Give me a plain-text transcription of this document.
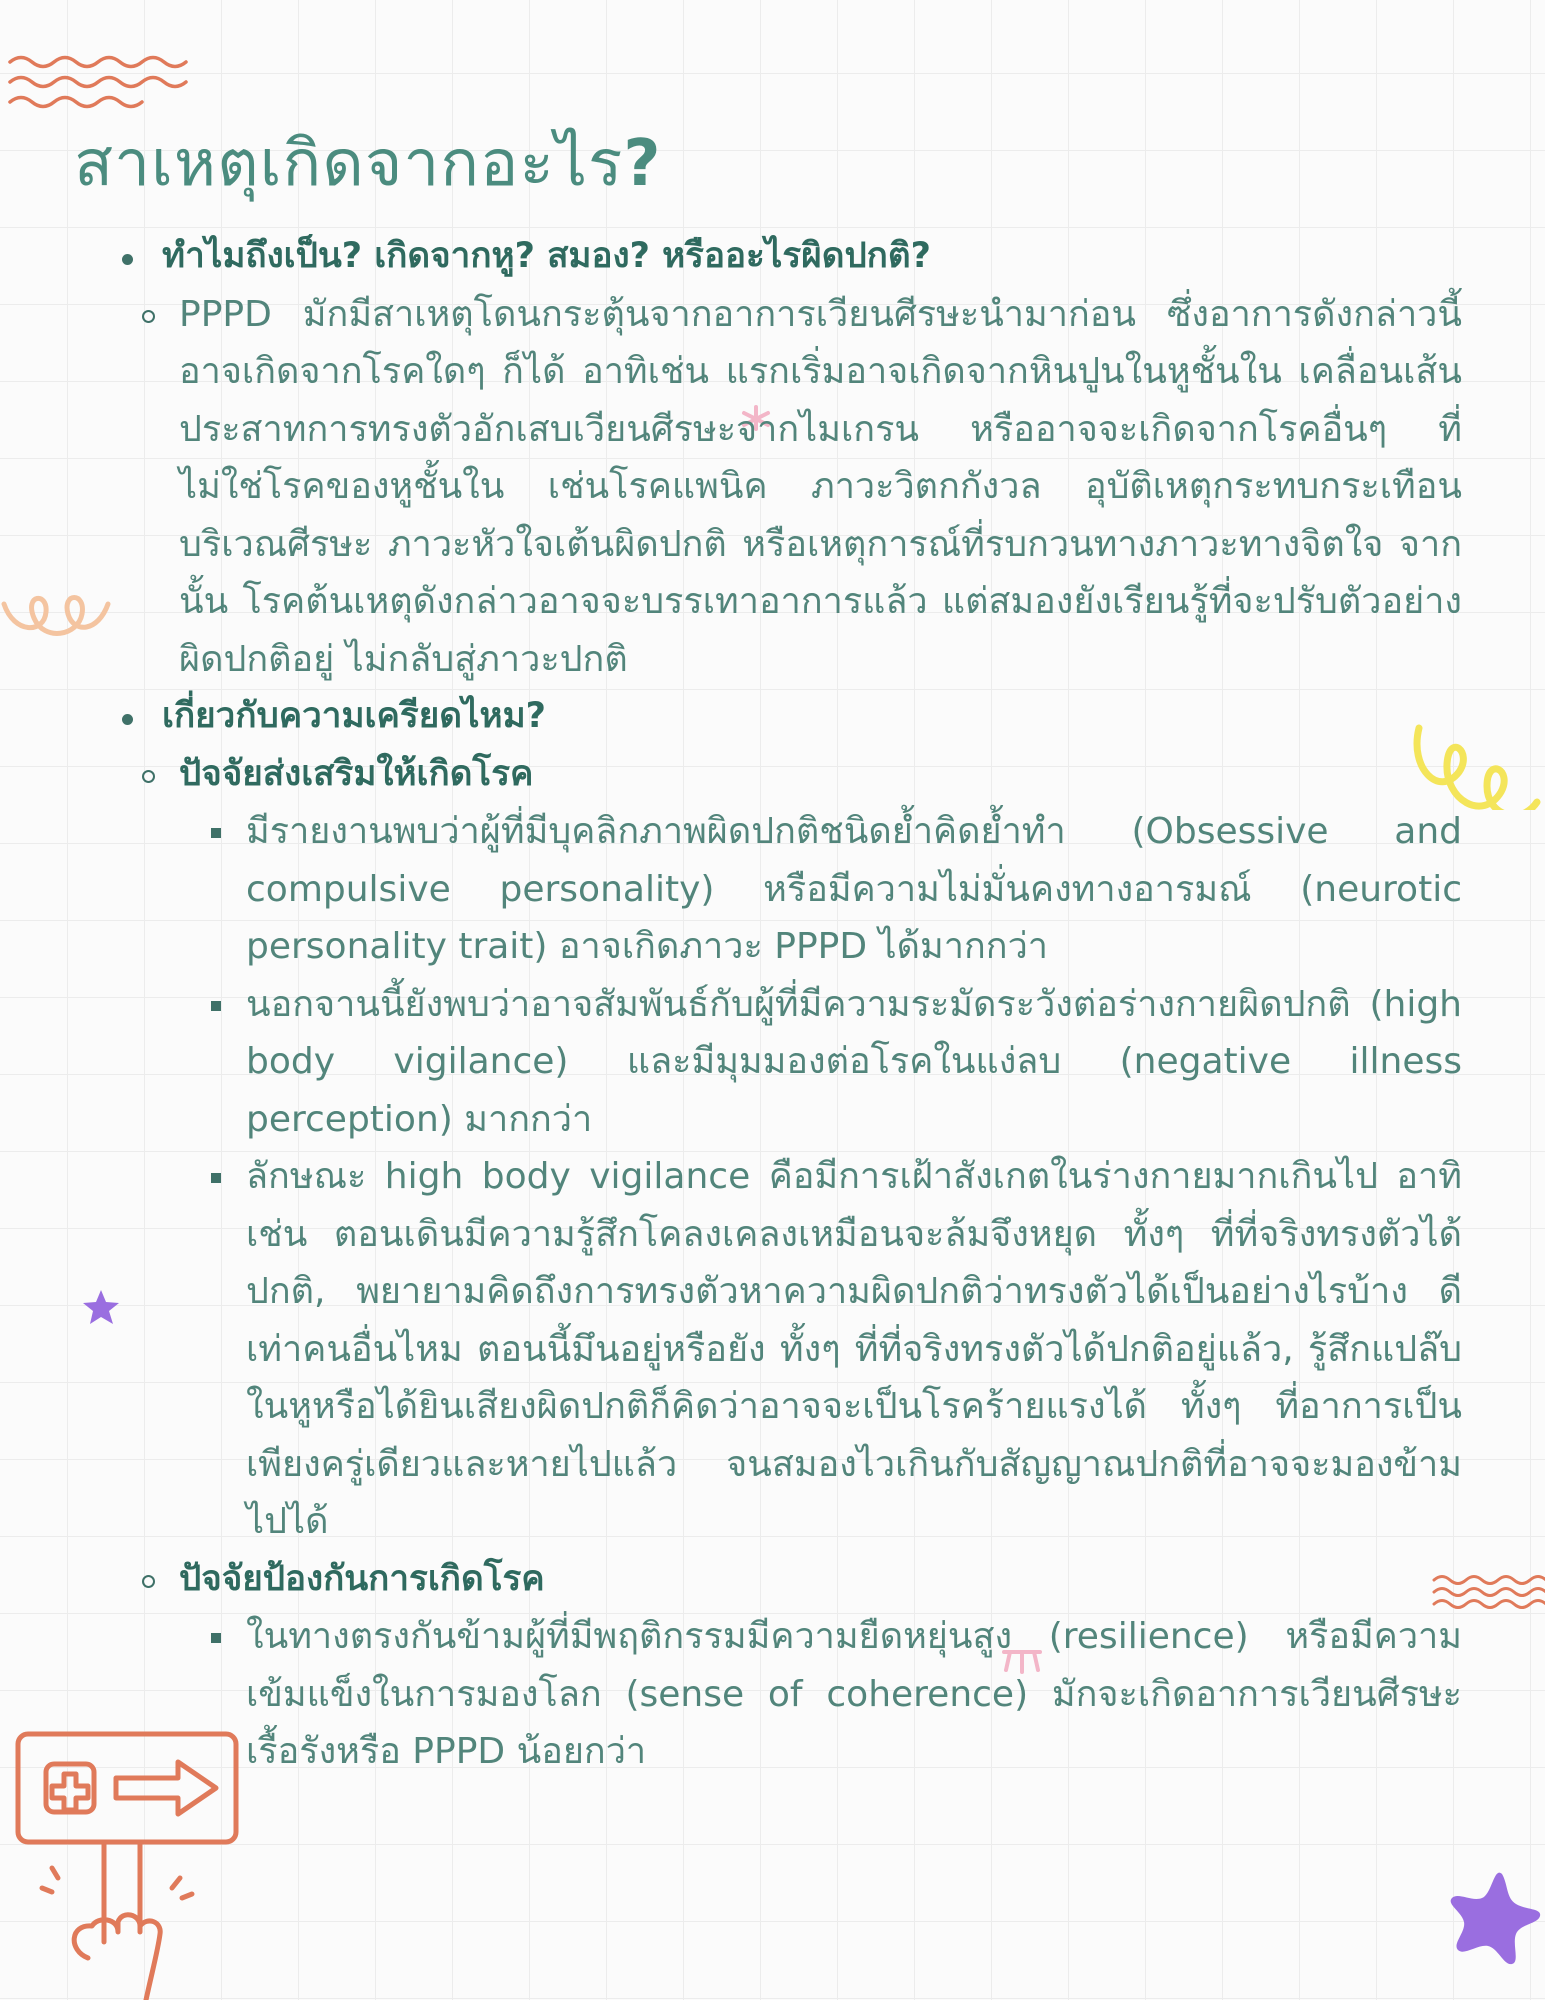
สาเหตุเกิดจากอะไร?
ทำไมถึงเป็น? เกิดจากหู? สมอง? หรืออะไรผิดปกติ?
PPPD มักมีสาเหตุโดนกระตุ้นจากอาการเวียนศีรษะนำมาก่อน ซึ่งอาการดังกล่าวนี้ อาจเกิดจากโรคใดๆ ก็ได้ อาทิเช่น แรกเริ่มอาจเกิดจากหินปูนในหูชั้นใน เคลื่อนเส้นประสาทการทรงตัวอักเสบเวียนศีรษะจากไมเกรน หรืออาจจะเกิดจากโรคอื่นๆ ที่ไม่ใช่โรคของหูชั้นใน เช่นโรคแพนิค ภาวะวิตกกังวล อุบัติเหตุกระทบกระเทือนบริเวณศีรษะ ภาวะหัวใจเต้นผิดปกติ หรือเหตุการณ์ที่รบกวนทางภาวะทางจิตใจ จากนั้น โรคต้นเหตุดังกล่าวอาจจะบรรเทาอาการแล้ว แต่สมองยังเรียนรู้ที่จะปรับตัวอย่างผิดปกติอยู่ ไม่กลับสู่ภาวะปกติ
เกี่ยวกับความเครียดไหม?
ปัจจัยส่งเสริมให้เกิดโรค
มีรายงานพบว่าผู้ที่มีบุคลิกภาพผิดปกติชนิดย้ำคิดย้ำทำ (Obsessive and compulsive personality) หรือมีความไม่มั่นคงทางอารมณ์ (neurotic personality trait) อาจเกิดภาวะ PPPD ได้มากกว่า
นอกจานนี้ยังพบว่าอาจสัมพันธ์กับผู้ที่มีความระมัดระวังต่อร่างกายผิดปกติ (high body vigilance) และมีมุมมองต่อโรคในแง่ลบ (negative illness perception) มากกว่า
ลักษณะ high body vigilance คือมีการเฝ้าสังเกตในร่างกายมากเกินไป อาทิเช่น ตอนเดินมีความรู้สึกโคลงเคลงเหมือนจะล้มจึงหยุด ทั้งๆ ที่ที่จริงทรงตัวได้ปกติ, พยายามคิดถึงการทรงตัวหาความผิดปกติว่าทรงตัวได้เป็นอย่างไรบ้าง ดีเท่าคนอื่นไหม ตอนนี้มึนอยู่หรือยัง ทั้งๆ ที่ที่จริงทรงตัวได้ปกติอยู่แล้ว, รู้สึกแปล๊บในหูหรือได้ยินเสียงผิดปกติก็คิดว่าอาจจะเป็นโรคร้ายแรงได้ ทั้งๆ ที่อาการเป็นเพียงครู่เดียวและหายไปแล้ว จนสมองไวเกินกับสัญญาณปกติที่อาจจะมองข้ามไปได้
ปัจจัยป้องกันการเกิดโรค
ในทางตรงกันข้ามผู้ที่มีพฤติกรรมมีความยืดหยุ่นสูง (resilience) หรือมีความเข้มแข็งในการมองโลก (sense of coherence) มักจะเกิดอาการเวียนศีรษะเรื้อรังหรือ PPPD น้อยกว่า
